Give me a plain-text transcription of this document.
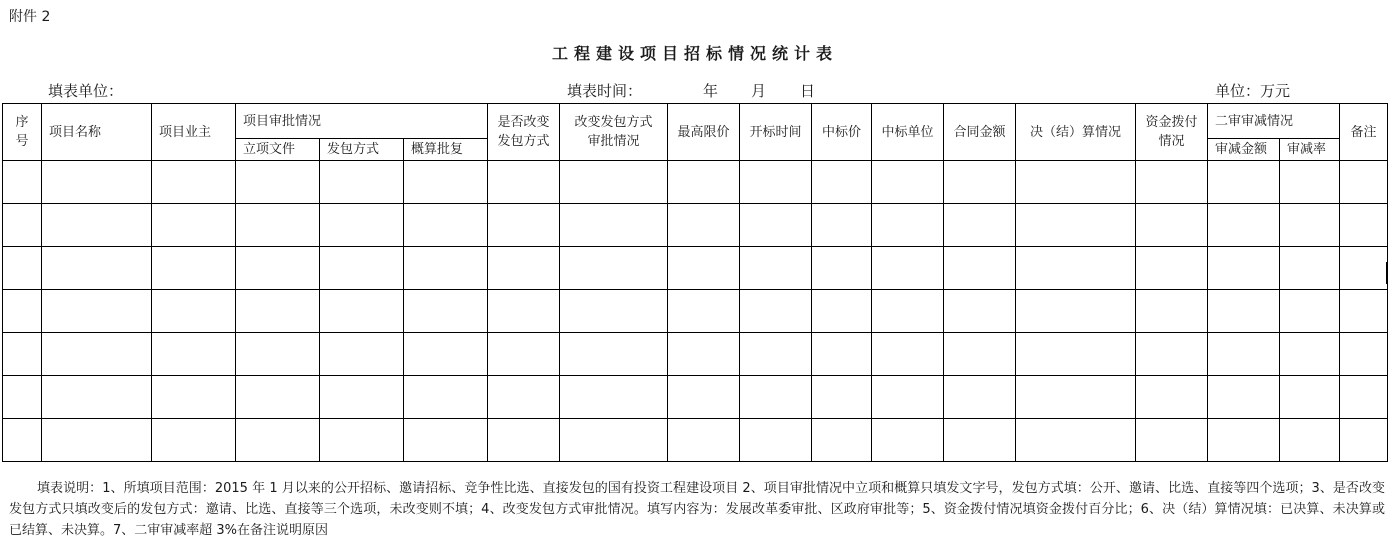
附件 2
工程建设项目招标情况统计表
填表单位：	填表时间：	年 月 日	单位：万元
序号	项目名称	项目业主	项目审批情况			是否改变发包方式	改变发包方式审批情况	最高限价	开标时间	中标价	中标单位	合同金额	决（结）算情况	资金拨付情况	二审审减情况		备注
			立项文件	发包方式	概算批复										审减金额	审减率	

填表说明：1、所填项目范围：2015 年 1 月以来的公开招标、邀请招标、竞争性比选、直接发包的国有投资工程建设项目 2、项目审批情况中立项和概算只填发文字号，发包方式填：公开、邀请、比选、直接等四个选项；3、是否改变发包方式只填改变后的发包方式：邀请、比选、直接等三个选项，未改变则不填；4、改变发包方式审批情况。填写内容为：发展改革委审批、区政府审批等；5、资金拨付情况填资金拨付百分比；6、决（结）算情况填：已决算、未决算或已结算、未决算。7、二审审减率超 3%在备注说明原因
